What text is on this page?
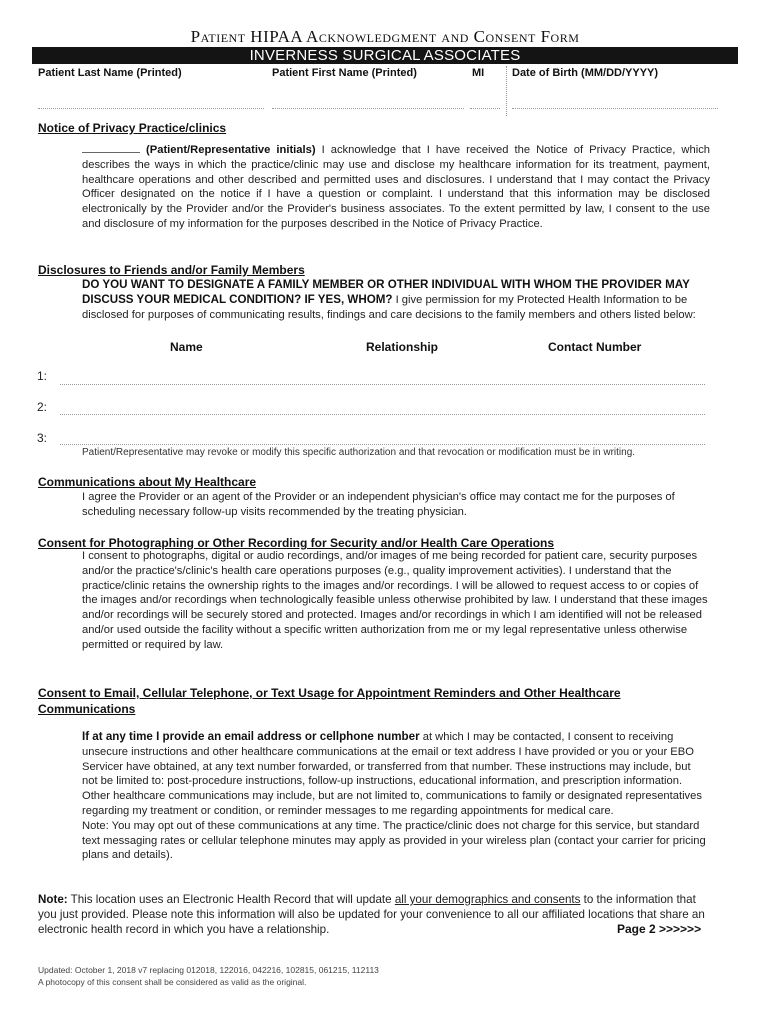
Patient HIPAA Acknowledgment and Consent Form
INVERNESS SURGICAL ASSOCIATES
Patient Last Name (Printed)	Patient First Name (Printed)	MI	Date of Birth (MM/DD/YYYY)
Notice of Privacy Practice/clinics
(Patient/Representative initials) I acknowledge that I have received the Notice of Privacy Practice, which describes the ways in which the practice/clinic may use and disclose my healthcare information for its treatment, payment, healthcare operations and other described and permitted uses and disclosures. I understand that I may contact the Privacy Officer designated on the notice if I have a question or complaint. I understand that this information may be disclosed electronically by the Provider and/or the Provider's business associates. To the extent permitted by law, I consent to the use and disclosure of my information for the purposes described in the Notice of Privacy Practice.
Disclosures to Friends and/or Family Members
DO YOU WANT TO DESIGNATE A FAMILY MEMBER OR OTHER INDIVIDUAL WITH WHOM THE PROVIDER MAY DISCUSS YOUR MEDICAL CONDITION? IF YES, WHOM? I give permission for my Protected Health Information to be disclosed for purposes of communicating results, findings and care decisions to the family members and others listed below:
Name	Relationship	Contact Number
1:
2:
3:
Patient/Representative may revoke or modify this specific authorization and that revocation or modification must be in writing.
Communications about My Healthcare
I agree the Provider or an agent of the Provider or an independent physician's office may contact me for the purposes of scheduling necessary follow-up visits recommended by the treating physician.
Consent for Photographing or Other Recording for Security and/or Health Care Operations
I consent to photographs, digital or audio recordings, and/or images of me being recorded for patient care, security purposes and/or the practice's/clinic's health care operations purposes (e.g., quality improvement activities). I understand that the practice/clinic retains the ownership rights to the images and/or recordings. I will be allowed to request access to or copies of the images and/or recordings when technologically feasible unless otherwise prohibited by law. I understand that these images and/or recordings will be securely stored and protected. Images and/or recordings in which I am identified will not be released and/or used outside the facility without a specific written authorization from me or my legal representative unless otherwise permitted or required by law.
Consent to Email, Cellular Telephone, or Text Usage for Appointment Reminders and Other Healthcare Communications
If at any time I provide an email address or cellphone number at which I may be contacted, I consent to receiving unsecure instructions and other healthcare communications at the email or text address I have provided or you or your EBO Servicer have obtained, at any text number forwarded, or transferred from that number. These instructions may include, but not be limited to: post-procedure instructions, follow-up instructions, educational information, and prescription information. Other healthcare communications may include, but are not limited to, communications to family or designated representatives regarding my treatment or condition, or reminder messages to me regarding appointments for medical care.
Note: You may opt out of these communications at any time. The practice/clinic does not charge for this service, but standard text messaging rates or cellular telephone minutes may apply as provided in your wireless plan (contact your carrier for pricing plans and details).
Note: This location uses an Electronic Health Record that will update all your demographics and consents to the information that you just provided. Please note this information will also be updated for your convenience to all our affiliated locations that share an electronic health record in which you have a relationship.	Page 2 >>>>>>
Updated: October 1, 2018 v7 replacing 012018, 122016, 042216, 102815, 061215, 112113
A photocopy of this consent shall be considered as valid as the original.
